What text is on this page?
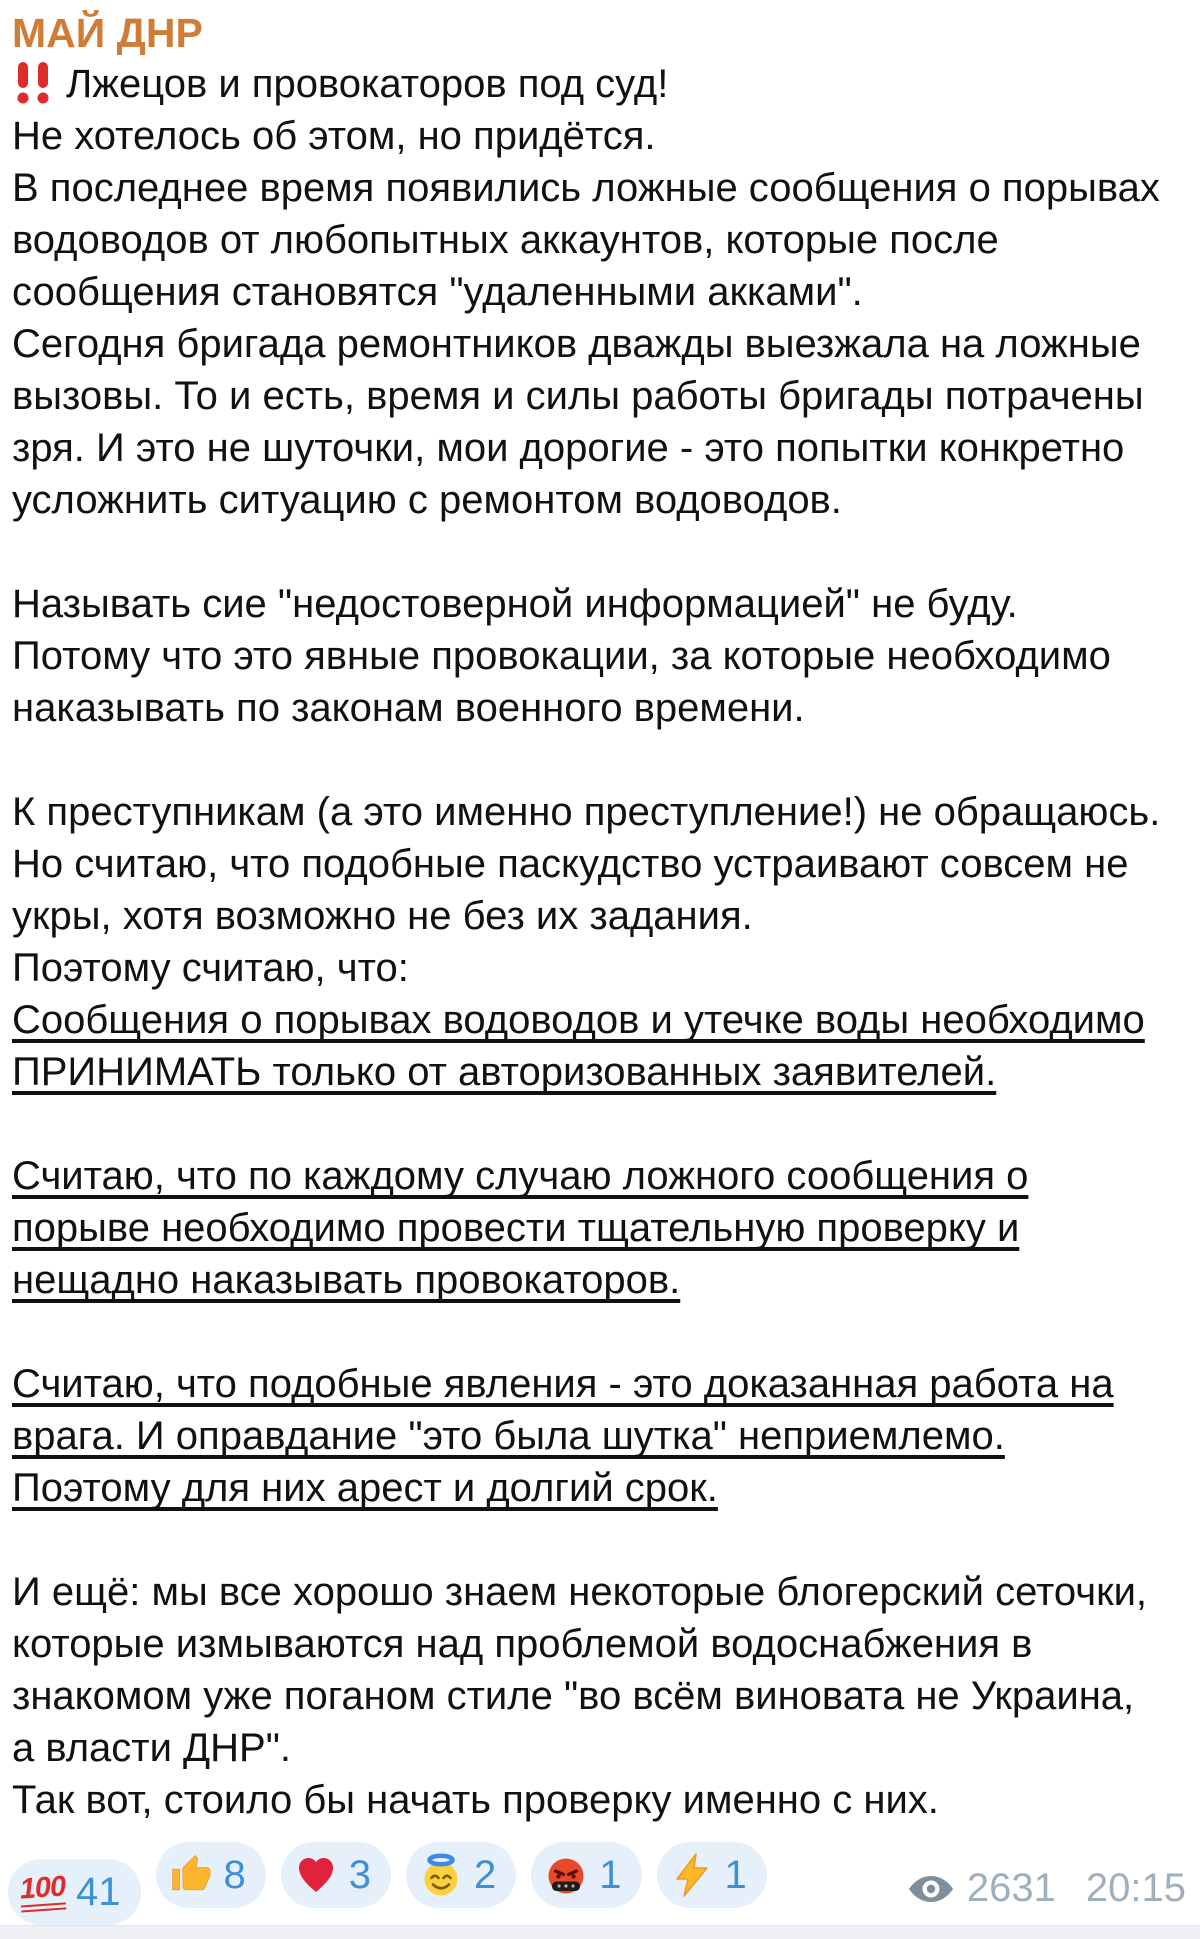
МАЙ ДНР
Лжецов и провокаторов под суд!
Не хотелось об этом, но придётся.
В последнее время появились ложные сообщения о порывах
водоводов от любопытных аккаунтов, которые после
сообщения становятся "удаленными акками".
Сегодня бригада ремонтников дважды выезжала на ложные
вызовы. То и есть, время и силы работы бригады потрачены
зря. И это не шуточки, мои дорогие - это попытки конкретно
усложнить ситуацию с ремонтом водоводов.

Называть сие "недостоверной информацией" не буду.
Потому что это явные провокации, за которые необходимо
наказывать по законам военного времени.

К преступникам (а это именно преступление!) не обращаюсь.
Но считаю, что подобные паскудство устраивают совсем не
укры, хотя возможно не без их задания.
Поэтому считаю, что:
Сообщения о порывах водоводов и утечке воды необходимо
ПРИНИМАТЬ только от авторизованных заявителей.

Считаю, что по каждому случаю ложного сообщения о
порыве необходимо провести тщательную проверку и
нещадно наказывать провокаторов.

Считаю, что подобные явления - это доказанная работа на
врага. И оправдание "это была шутка" неприемлемо.
Поэтому для них арест и долгий срок.

И ещё: мы все хорошо знаем некоторые блогерский сеточки,
которые измываются над проблемой водоснабжения в
знакомом уже поганом стиле "во всём виновата не Украина,
а власти ДНР".
Так вот, стоило бы начать проверку именно с них.
100 41	8	3	2	1	1	2631 20:15
